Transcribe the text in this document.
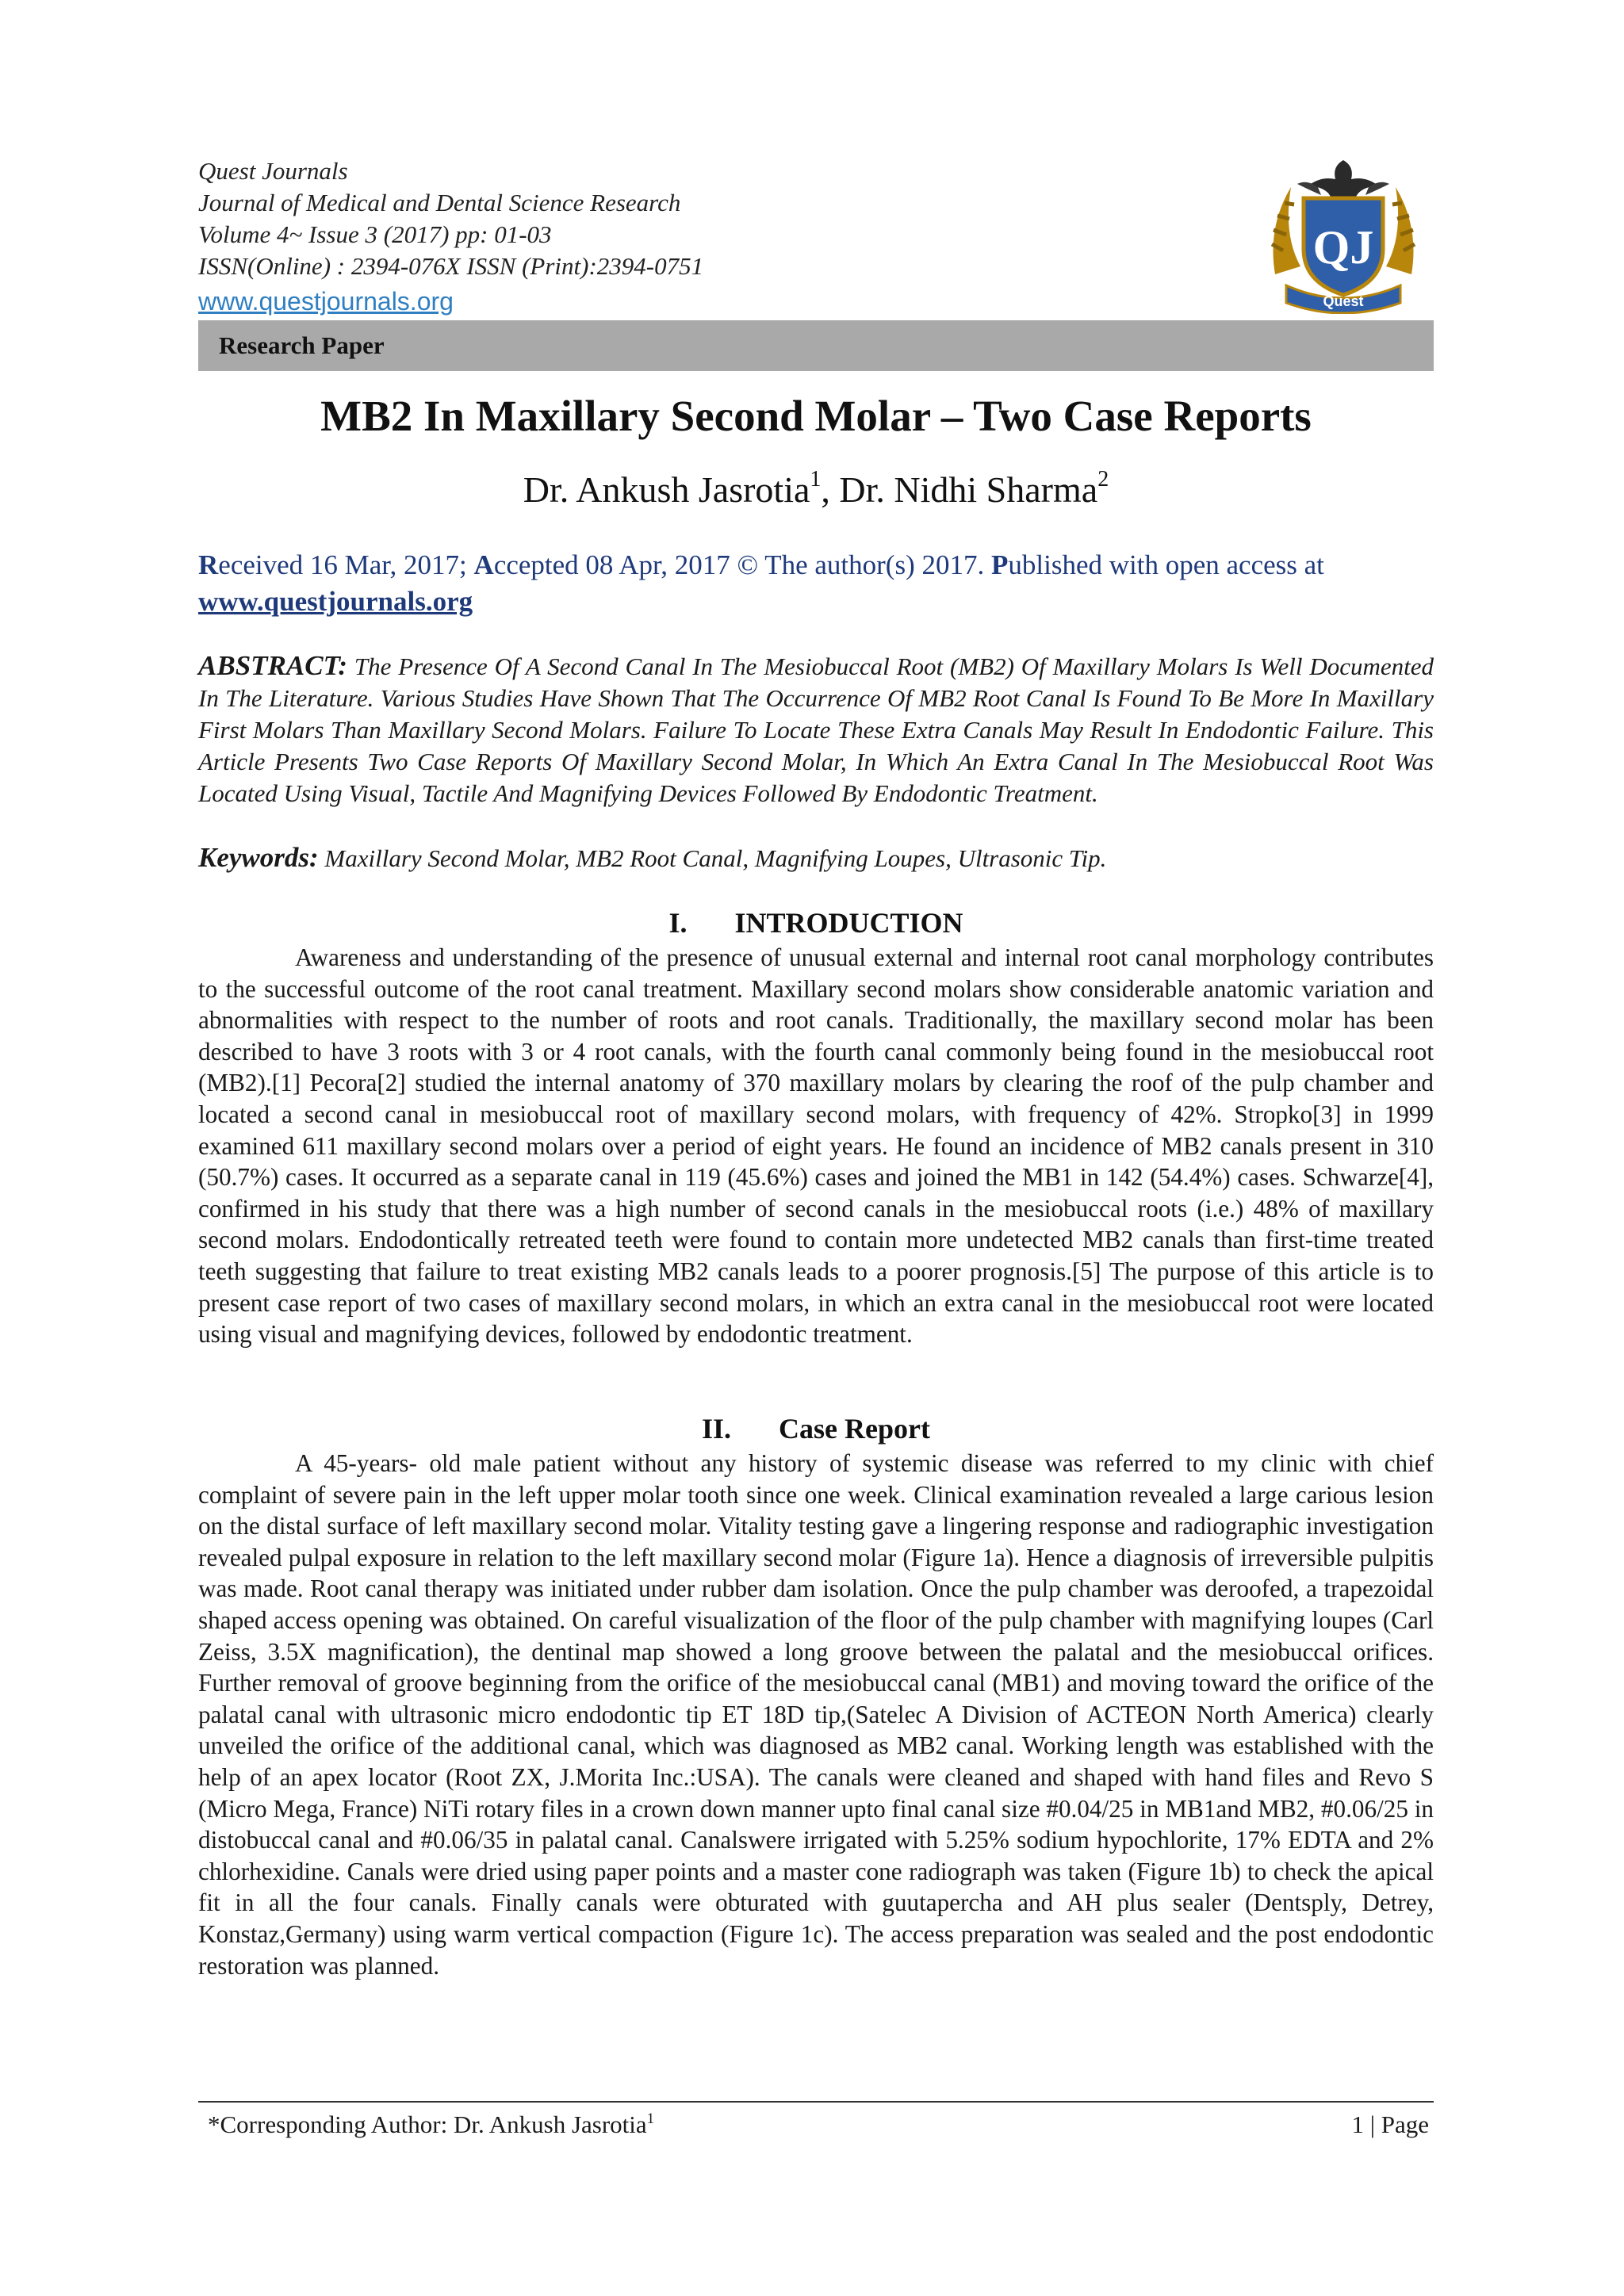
Quest Journals
Journal of Medical and Dental Science Research
Volume 4~ Issue 3 (2017) pp: 01-03
ISSN(Online) : 2394-076X ISSN (Print):2394-0751
www.questjournals.org
QJ
Quest
Research Paper
MB2 In Maxillary Second Molar – Two Case Reports
Dr. Ankush Jasrotia$^1$, Dr. Nidhi Sharma$^2$
Received 16 Mar, 2017; Accepted 08 Apr, 2017 © The author(s) 2017. Published with open access at
www.questjournals.org
ABSTRACT: The Presence Of A Second Canal In The Mesiobuccal Root (MB2) Of Maxillary Molars Is Well Documented In The Literature. Various Studies Have Shown That The Occurrence Of MB2 Root Canal Is Found To Be More In Maxillary First Molars Than Maxillary Second Molars. Failure To Locate These Extra Canals May Result In Endodontic Failure. This Article Presents Two Case Reports Of Maxillary Second Molar, In Which An Extra Canal In The Mesiobuccal Root Was Located Using Visual, Tactile And Magnifying Devices Followed By Endodontic Treatment.
Keywords: Maxillary Second Molar, MB2 Root Canal, Magnifying Loupes, Ultrasonic Tip.
I. INTRODUCTION
Awareness and understanding of the presence of unusual external and internal root canal morphology contributes to the successful outcome of the root canal treatment. Maxillary second molars show considerable anatomic variation and abnormalities with respect to the number of roots and root canals. Traditionally, the maxillary second molar has been described to have 3 roots with 3 or 4 root canals, with the fourth canal commonly being found in the mesiobuccal root (MB2).[1] Pecora[2] studied the internal anatomy of 370 maxillary molars by clearing the roof of the pulp chamber and located a second canal in mesiobuccal root of maxillary second molars, with frequency of 42%. Stropko[3] in 1999 examined 611 maxillary second molars over a period of eight years. He found an incidence of MB2 canals present in 310 (50.7%) cases. It occurred as a separate canal in 119 (45.6%) cases and joined the MB1 in 142 (54.4%) cases. Schwarze[4], confirmed in his study that there was a high number of second canals in the mesiobuccal roots (i.e.) 48% of maxillary second molars. Endodontically retreated teeth were found to contain more undetected MB2 canals than first-time treated teeth suggesting that failure to treat existing MB2 canals leads to a poorer prognosis.[5] The purpose of this article is to present case report of two cases of maxillary second molars, in which an extra canal in the mesiobuccal root were located using visual and magnifying devices, followed by endodontic treatment.
II. Case Report
A 45-years- old male patient without any history of systemic disease was referred to my clinic with chief complaint of severe pain in the left upper molar tooth since one week. Clinical examination revealed a large carious lesion on the distal surface of left maxillary second molar. Vitality testing gave a lingering response and radiographic investigation revealed pulpal exposure in relation to the left maxillary second molar (Figure 1a). Hence a diagnosis of irreversible pulpitis was made. Root canal therapy was initiated under rubber dam isolation. Once the pulp chamber was deroofed, a trapezoidal shaped access opening was obtained. On careful visualization of the floor of the pulp chamber with magnifying loupes (Carl Zeiss, 3.5X magnification), the dentinal map showed a long groove between the palatal and the mesiobuccal orifices. Further removal of groove beginning from the orifice of the mesiobuccal canal (MB1) and moving toward the orifice of the palatal canal with ultrasonic micro endodontic tip ET 18D tip,(Satelec A Division of ACTEON North America) clearly unveiled the orifice of the additional canal, which was diagnosed as MB2 canal. Working length was established with the help of an apex locator (Root ZX, J.Morita Inc.:USA). The canals were cleaned and shaped with hand files and Revo S (Micro Mega, France) NiTi rotary files in a crown down manner upto final canal size #0.04/25 in MB1and MB2, #0.06/25 in distobuccal canal and #0.06/35 in palatal canal. Canalswere irrigated with 5.25% sodium hypochlorite, 17% EDTA and 2% chlorhexidine. Canals were dried using paper points and a master cone radiograph was taken (Figure 1b) to check the apical fit in all the four canals. Finally canals were obturated with guutapercha and AH plus sealer (Dentsply, Detrey, Konstaz,Germany) using warm vertical compaction (Figure 1c). The access preparation was sealed and the post endodontic restoration was planned.
*Corresponding Author: Dr. Ankush Jasrotia$^1$	1 | Page
